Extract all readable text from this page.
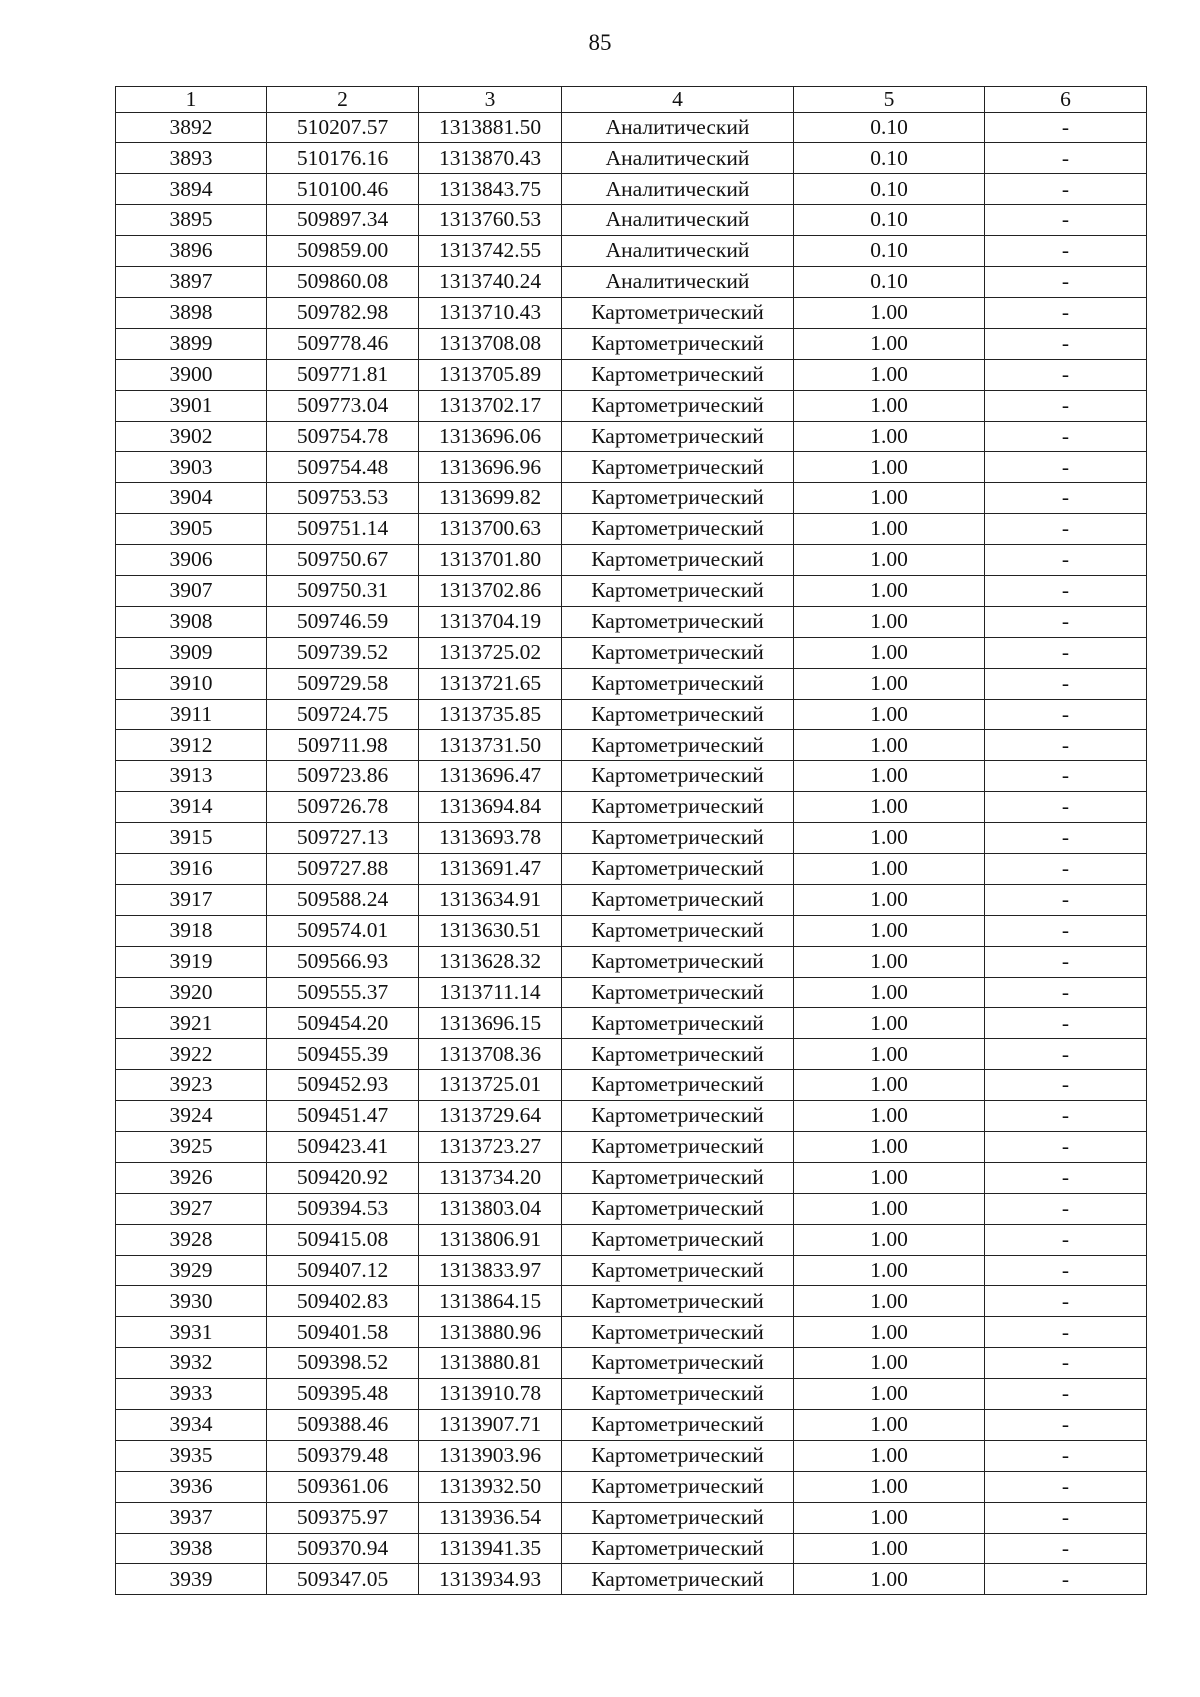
85
1	2	3	4	5	6
3892	510207.57	1313881.50	Аналитический	0.10	-
3893	510176.16	1313870.43	Аналитический	0.10	-
3894	510100.46	1313843.75	Аналитический	0.10	-
3895	509897.34	1313760.53	Аналитический	0.10	-
3896	509859.00	1313742.55	Аналитический	0.10	-
3897	509860.08	1313740.24	Аналитический	0.10	-
3898	509782.98	1313710.43	Картометрический	1.00	-
3899	509778.46	1313708.08	Картометрический	1.00	-
3900	509771.81	1313705.89	Картометрический	1.00	-
3901	509773.04	1313702.17	Картометрический	1.00	-
3902	509754.78	1313696.06	Картометрический	1.00	-
3903	509754.48	1313696.96	Картометрический	1.00	-
3904	509753.53	1313699.82	Картометрический	1.00	-
3905	509751.14	1313700.63	Картометрический	1.00	-
3906	509750.67	1313701.80	Картометрический	1.00	-
3907	509750.31	1313702.86	Картометрический	1.00	-
3908	509746.59	1313704.19	Картометрический	1.00	-
3909	509739.52	1313725.02	Картометрический	1.00	-
3910	509729.58	1313721.65	Картометрический	1.00	-
3911	509724.75	1313735.85	Картометрический	1.00	-
3912	509711.98	1313731.50	Картометрический	1.00	-
3913	509723.86	1313696.47	Картометрический	1.00	-
3914	509726.78	1313694.84	Картометрический	1.00	-
3915	509727.13	1313693.78	Картометрический	1.00	-
3916	509727.88	1313691.47	Картометрический	1.00	-
3917	509588.24	1313634.91	Картометрический	1.00	-
3918	509574.01	1313630.51	Картометрический	1.00	-
3919	509566.93	1313628.32	Картометрический	1.00	-
3920	509555.37	1313711.14	Картометрический	1.00	-
3921	509454.20	1313696.15	Картометрический	1.00	-
3922	509455.39	1313708.36	Картометрический	1.00	-
3923	509452.93	1313725.01	Картометрический	1.00	-
3924	509451.47	1313729.64	Картометрический	1.00	-
3925	509423.41	1313723.27	Картометрический	1.00	-
3926	509420.92	1313734.20	Картометрический	1.00	-
3927	509394.53	1313803.04	Картометрический	1.00	-
3928	509415.08	1313806.91	Картометрический	1.00	-
3929	509407.12	1313833.97	Картометрический	1.00	-
3930	509402.83	1313864.15	Картометрический	1.00	-
3931	509401.58	1313880.96	Картометрический	1.00	-
3932	509398.52	1313880.81	Картометрический	1.00	-
3933	509395.48	1313910.78	Картометрический	1.00	-
3934	509388.46	1313907.71	Картометрический	1.00	-
3935	509379.48	1313903.96	Картометрический	1.00	-
3936	509361.06	1313932.50	Картометрический	1.00	-
3937	509375.97	1313936.54	Картометрический	1.00	-
3938	509370.94	1313941.35	Картометрический	1.00	-
3939	509347.05	1313934.93	Картометрический	1.00	-
